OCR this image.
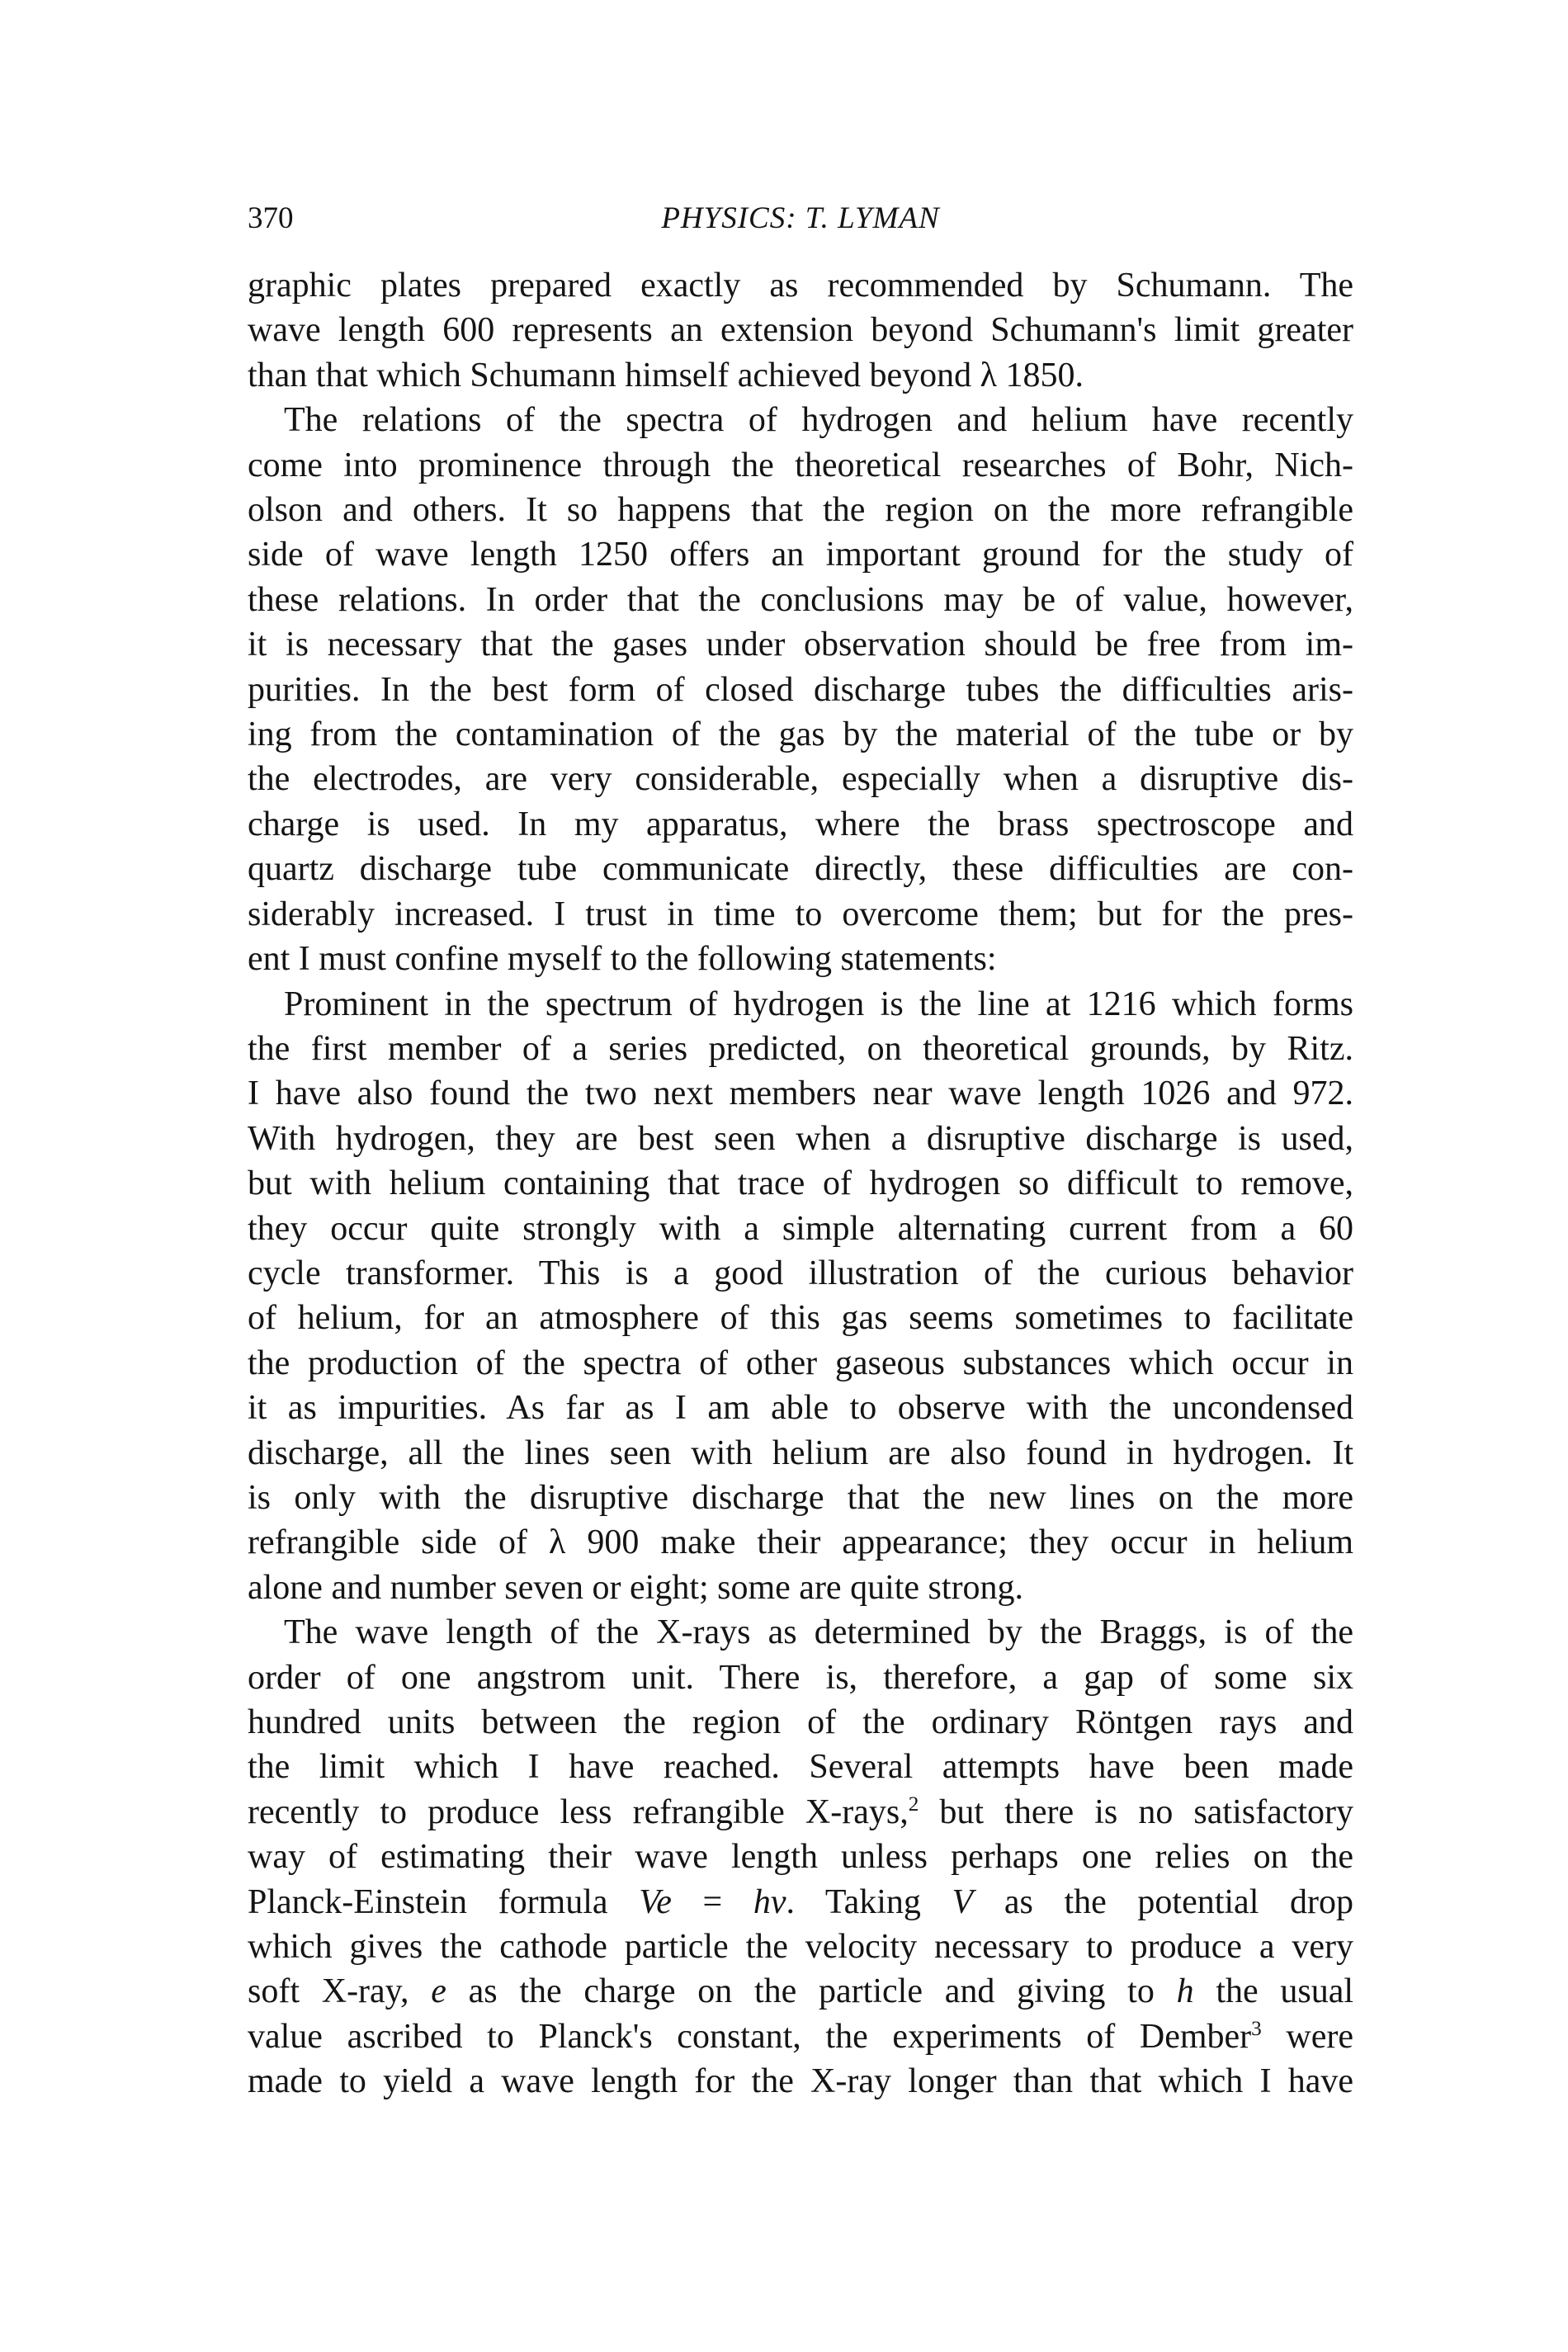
370	PHYSICS: T. LYMAN

graphic plates prepared exactly as recommended by Schumann. The
wave length 600 represents an extension beyond Schumann's limit greater
than that which Schumann himself achieved beyond λ 1850.

The relations of the spectra of hydrogen and helium have recently
come into prominence through the theoretical researches of Bohr, Nich-
olson and others. It so happens that the region on the more refrangible
side of wave length 1250 offers an important ground for the study of
these relations. In order that the conclusions may be of value, however,
it is necessary that the gases under observation should be free from im-
purities. In the best form of closed discharge tubes the difficulties aris-
ing from the contamination of the gas by the material of the tube or by
the electrodes, are very considerable, especially when a disruptive dis-
charge is used. In my apparatus, where the brass spectroscope and
quartz discharge tube communicate directly, these difficulties are con-
siderably increased. I trust in time to overcome them; but for the pres-
ent I must confine myself to the following statements:

Prominent in the spectrum of hydrogen is the line at 1216 which forms
the first member of a series predicted, on theoretical grounds, by Ritz.
I have also found the two next members near wave length 1026 and 972.
With hydrogen, they are best seen when a disruptive discharge is used,
but with helium containing that trace of hydrogen so difficult to remove,
they occur quite strongly with a simple alternating current from a 60
cycle transformer. This is a good illustration of the curious behavior
of helium, for an atmosphere of this gas seems sometimes to facilitate
the production of the spectra of other gaseous substances which occur in
it as impurities. As far as I am able to observe with the uncondensed
discharge, all the lines seen with helium are also found in hydrogen. It
is only with the disruptive discharge that the new lines on the more
refrangible side of λ 900 make their appearance; they occur in helium
alone and number seven or eight; some are quite strong.

The wave length of the X-rays as determined by the Braggs, is of the
order of one angstrom unit. There is, therefore, a gap of some six
hundred units between the region of the ordinary Röntgen rays and
the limit which I have reached. Several attempts have been made
recently to produce less refrangible X-rays,$^2$ but there is no satisfactory
way of estimating their wave length unless perhaps one relies on the
Planck-Einstein formula Ve = hv. Taking V as the potential drop
which gives the cathode particle the velocity necessary to produce a very
soft X-ray, e as the charge on the particle and giving to h the usual
value ascribed to Planck's constant, the experiments of Dember$^3$ were
made to yield a wave length for the X-ray longer than that which I have
